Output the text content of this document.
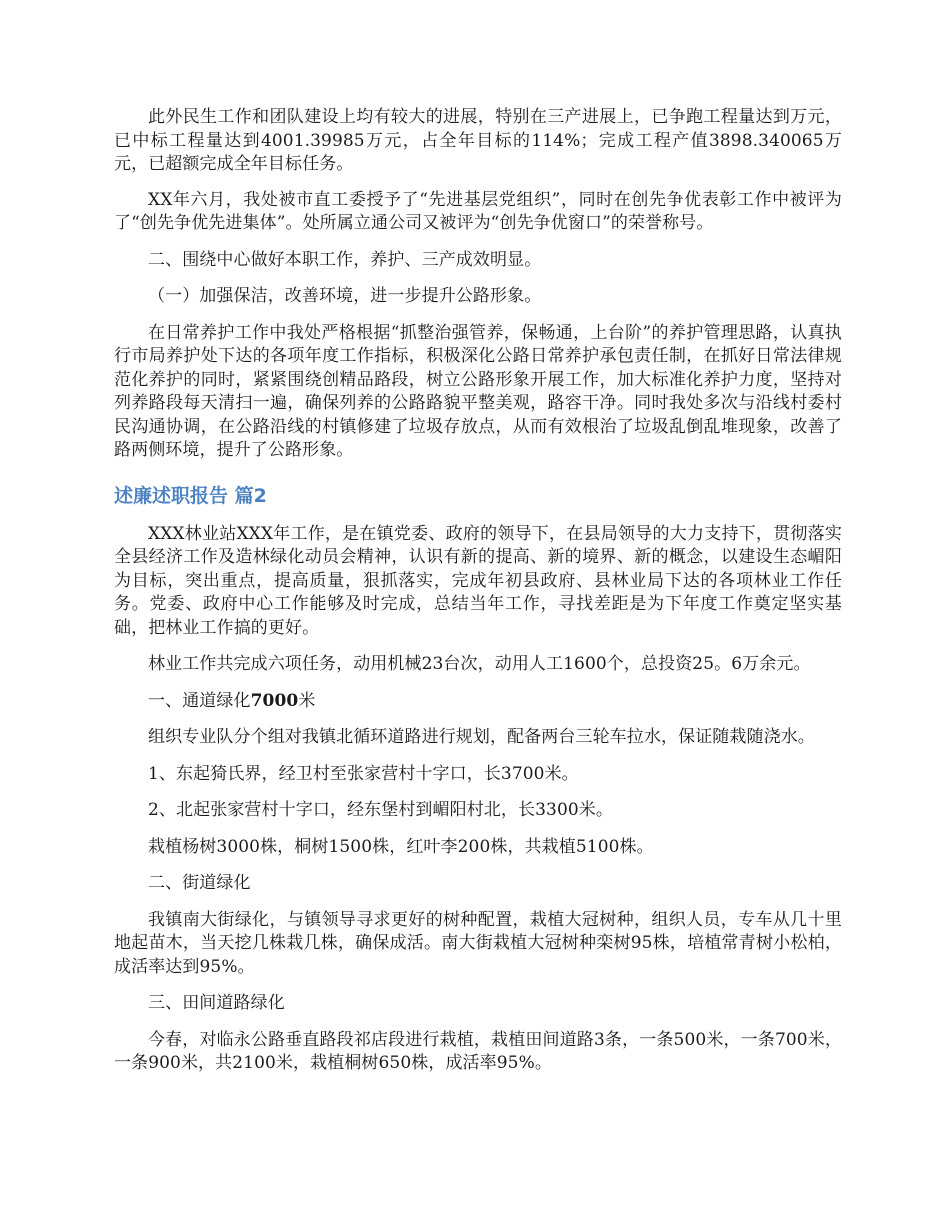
此外民生工作和团队建设上均有较大的进展，特别在三产进展上，已争跑工程量达到万元，已中标工程量达到4001.39985万元，占全年目标的114%；完成工程产值3898.340065万元，已超额完成全年目标任务。

XX年六月，我处被市直工委授予了“先进基层党组织”，同时在创先争优表彰工作中被评为了“创先争优先进集体”。处所属立通公司又被评为“创先争优窗口”的荣誉称号。

二、围绕中心做好本职工作，养护、三产成效明显。

（一）加强保洁，改善环境，进一步提升公路形象。

在日常养护工作中我处严格根据“抓整治强管养，保畅通，上台阶”的养护管理思路，认真执行市局养护处下达的各项年度工作指标，积极深化公路日常养护承包责任制，在抓好日常法律规范化养护的同时，紧紧围绕创精品路段，树立公路形象开展工作，加大标准化养护力度，坚持对列养路段每天清扫一遍，确保列养的公路路貌平整美观，路容干净。同时我处多次与沿线村委村民沟通协调，在公路沿线的村镇修建了垃圾存放点，从而有效根治了垃圾乱倒乱堆现象，改善了路两侧环境，提升了公路形象。

述廉述职报告 篇2

XXX林业站XXX年工作，是在镇党委、政府的领导下，在县局领导的大力支持下，贯彻落实全县经济工作及造林绿化动员会精神，认识有新的提高、新的境界、新的概念，以建设生态嵋阳为目标，突出重点，提高质量，狠抓落实，完成年初县政府、县林业局下达的各项林业工作任务。党委、政府中心工作能够及时完成，总结当年工作，寻找差距是为下年度工作奠定坚实基础，把林业工作搞的更好。

林业工作共完成六项任务，动用机械23台次，动用人工1600个，总投资25。6万余元。

一、通道绿化7000米

组织专业队分个组对我镇北循环道路进行规划，配备两台三轮车拉水，保证随栽随浇水。

1、东起猗氏界，经卫村至张家营村十字口，长3700米。

2、北起张家营村十字口，经东堡村到嵋阳村北，长3300米。

栽植杨树3000株，桐树1500株，红叶李200株，共栽植5100株。

二、街道绿化

我镇南大街绿化，与镇领导寻求更好的树种配置，栽植大冠树种，组织人员，专车从几十里地起苗木，当天挖几株栽几株，确保成活。南大街栽植大冠树种栾树95株，培植常青树小松柏，成活率达到95%。

三、田间道路绿化

今春，对临永公路垂直路段祁店段进行栽植，栽植田间道路3条，一条500米，一条700米，一条900米，共2100米，栽植桐树650株，成活率95%。
